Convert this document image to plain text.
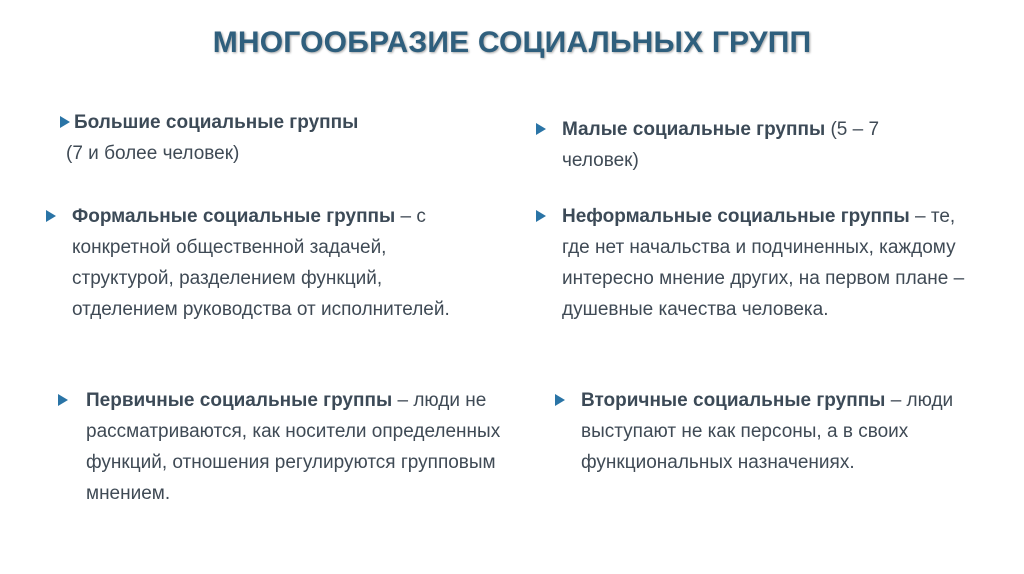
МНОГООБРАЗИЕ СОЦИАЛЬНЫХ ГРУПП
Большие социальные группы
(7 и более человек)
Малые социальные группы (5 – 7 человек)
Формальные социальные группы – с конкретной общественной задачей, структурой, разделением функций, отделением руководства от исполнителей.
Неформальные социальные группы – те, где нет начальства и подчиненных, каждому интересно мнение других, на первом плане – душевные качества человека.
Первичные социальные группы – люди не рассматриваются, как носители определенных функций, отношения регулируются групповым мнением.
Вторичные социальные группы – люди выступают не как персоны, а в своих функциональных назначениях.
